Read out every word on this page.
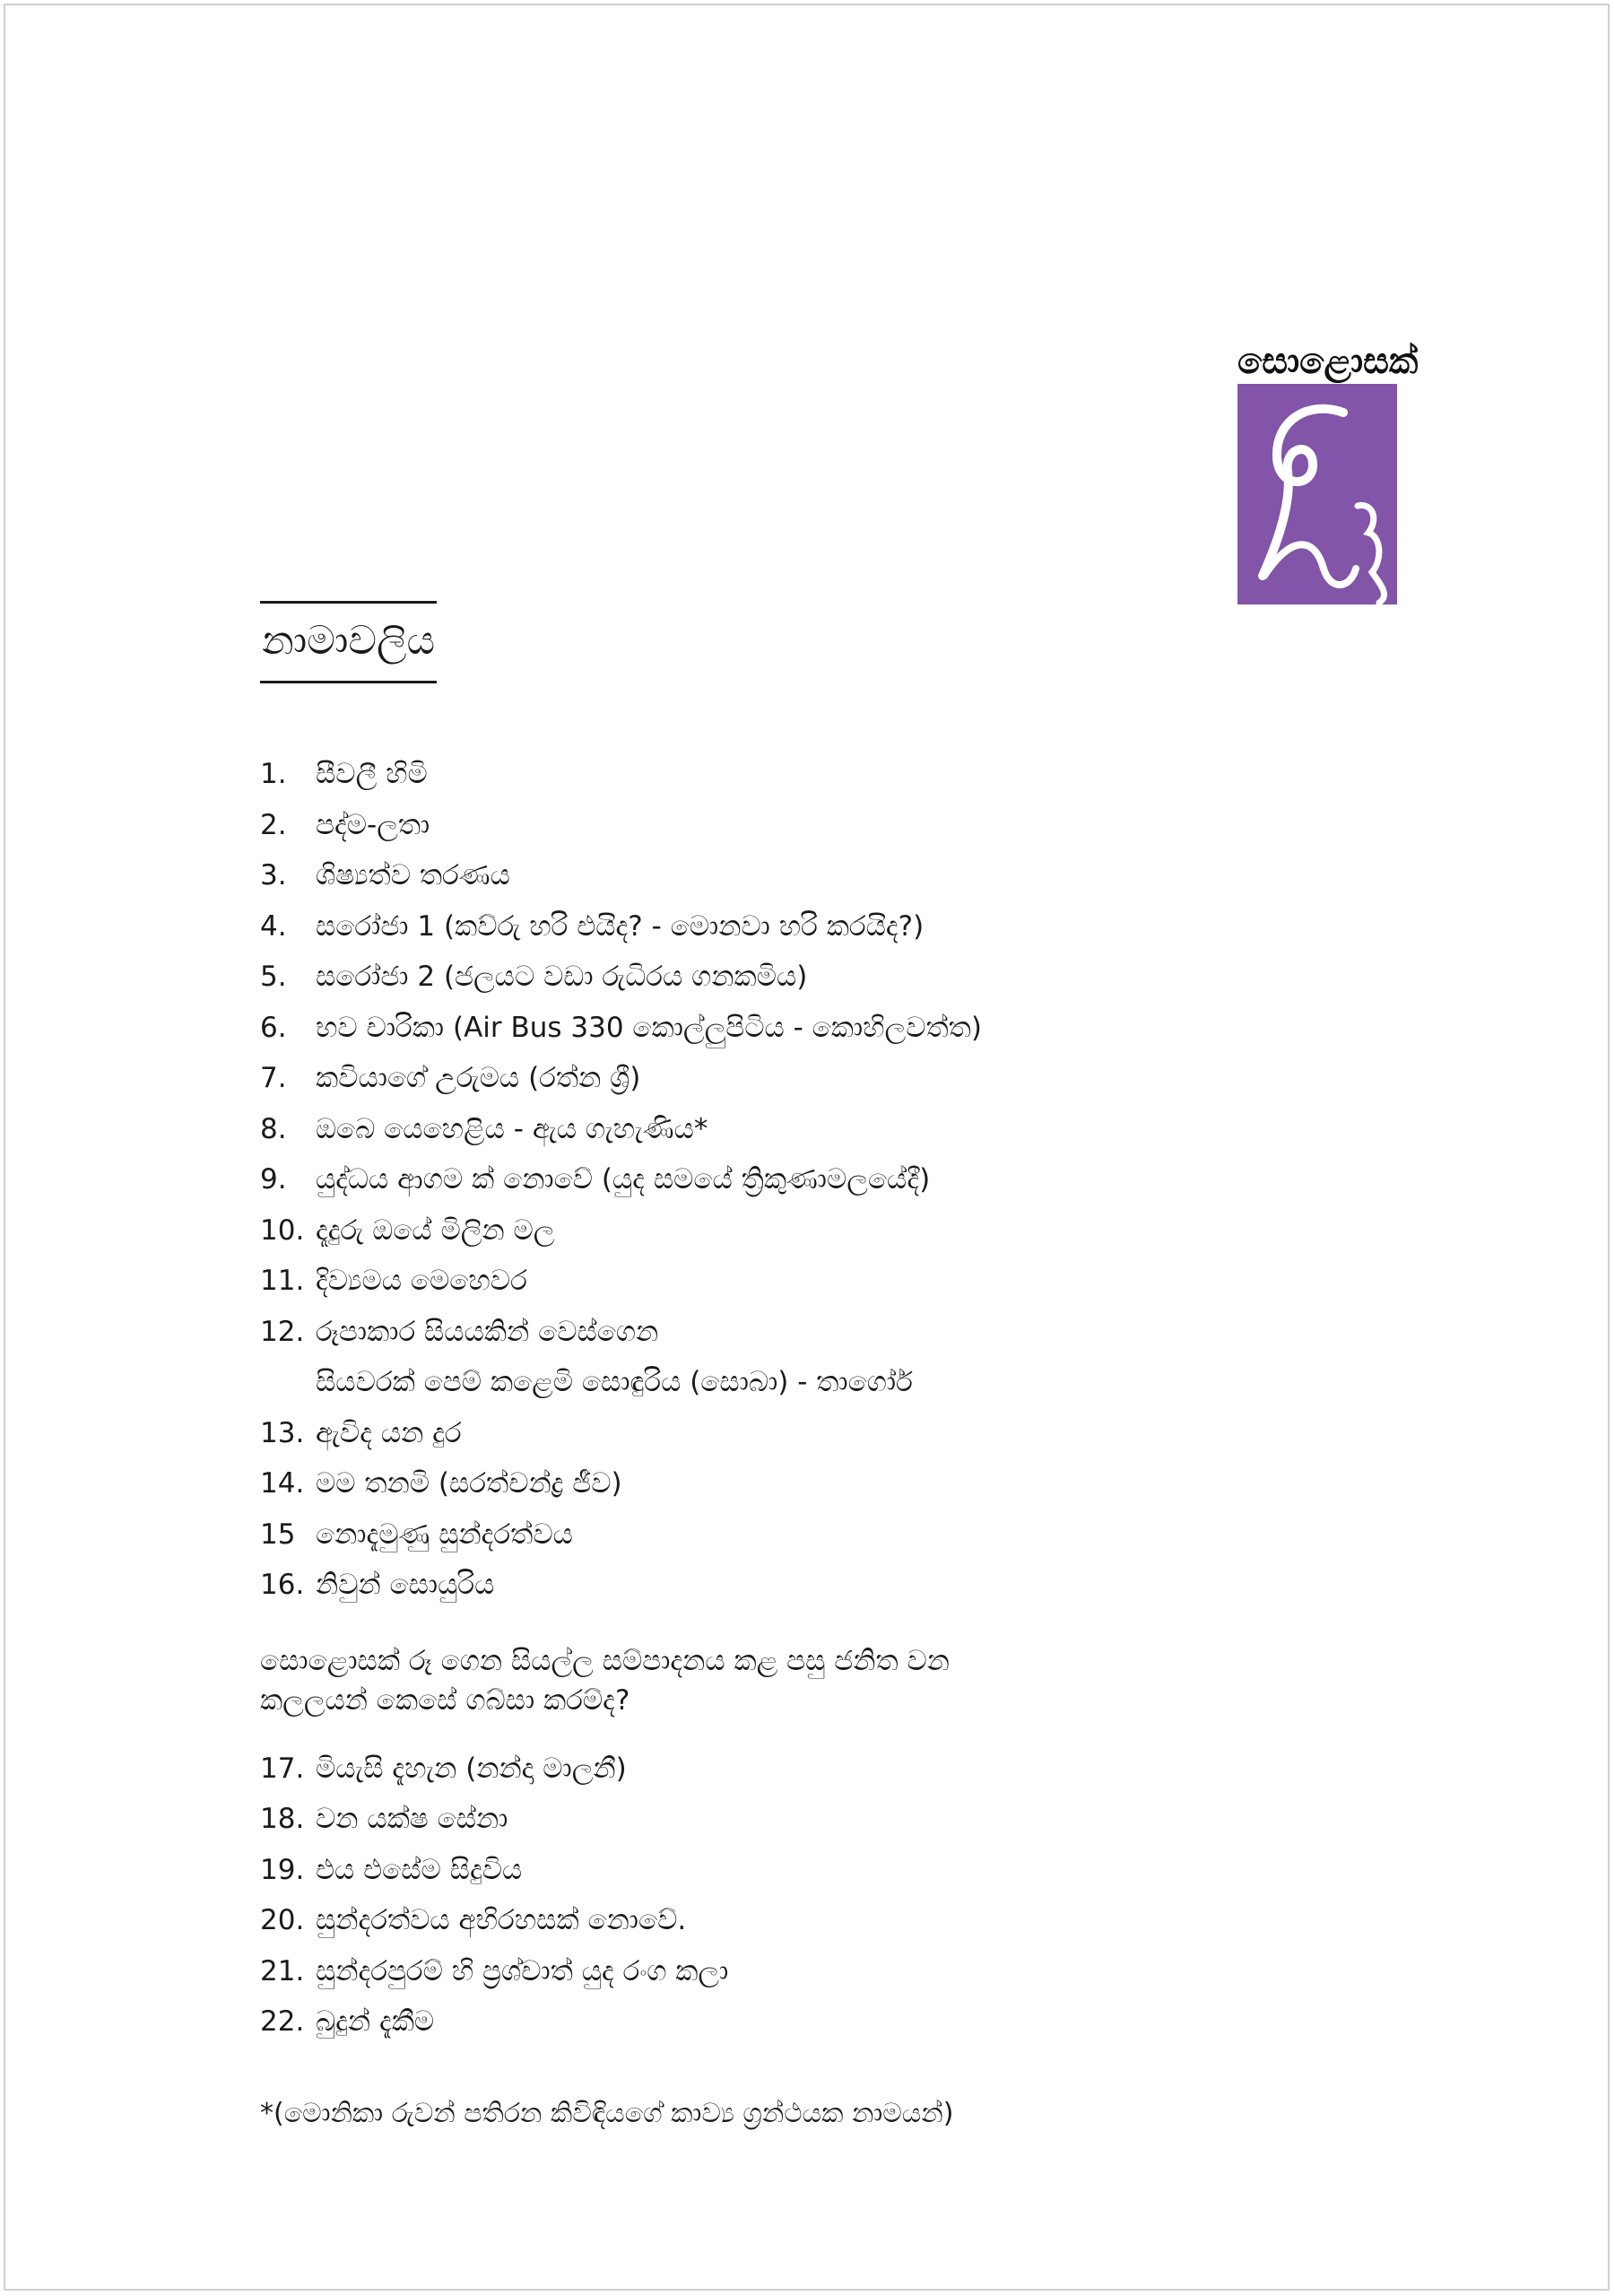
සොළොසක්
නාමාවලිය
1.	සීවලී හිමි
2.	පද්ම-ලතා
3.	ශිෂ්‍යත්ව තරණය
4.	සරෝජා 1 (කව්රු හරි එයිද? - මොනවා හරි කරයිද?)
5.	සරෝජා 2 (ජලයට වඩා රුධිරය ගනකමිය)
6.	භව චාරිකා (Air Bus 330 කොල්ලුපිටිය - කොහිලවත්ත)
7.	කවියාගේ උරුමය (රත්න ශ්‍රී)
8.	ඔබෙ යෙහෙළිය - ඇය ගැහැණිය*
9.	යුද්ධය ආගම ක් නොවේ (යුද සමයේ ත්‍රිකුණාමලයේදී)
10. දෑදුරු ඔයේ මිලින මල
11. දිව්‍යමය මෙහෙවර
12. රූපාකාර සියයකින් වෙස්ගෙන
සියවරක් පෙම් කළෙමි සොඳුරිය (සොබා) - තාගෝර්
13. ඇවිද යන දුර
14. මම තනමි (සරත්චන්ද්‍ර ජීව)
15 නොදැමුණු සුන්දරත්වය
16. නිවුන් සොයුරිය
සොළොසක් රූ ගෙන සියල්ල සම්පාදනය කළ පසු ජනිත වන
කලලයන් කෙසේ ගබ්සා කරම්ද?
17. මියැසි දැහැන (නන්දා මාලනී)
18. වන යක්ෂ සේනා
19. එය එසේම සිදුවිය
20. සුන්දරත්වය අභිරහසක් නොවේ.
21. සුන්දරපුරම් හි ප්‍රශ්චාත් යුද රංග කලා
22. බුදුන් දැකීම
*(මොනිකා රුවන් පතිරන කිවිඳියගේ කාව්‍ය ග්‍රන්ථයක නාමයන්)
